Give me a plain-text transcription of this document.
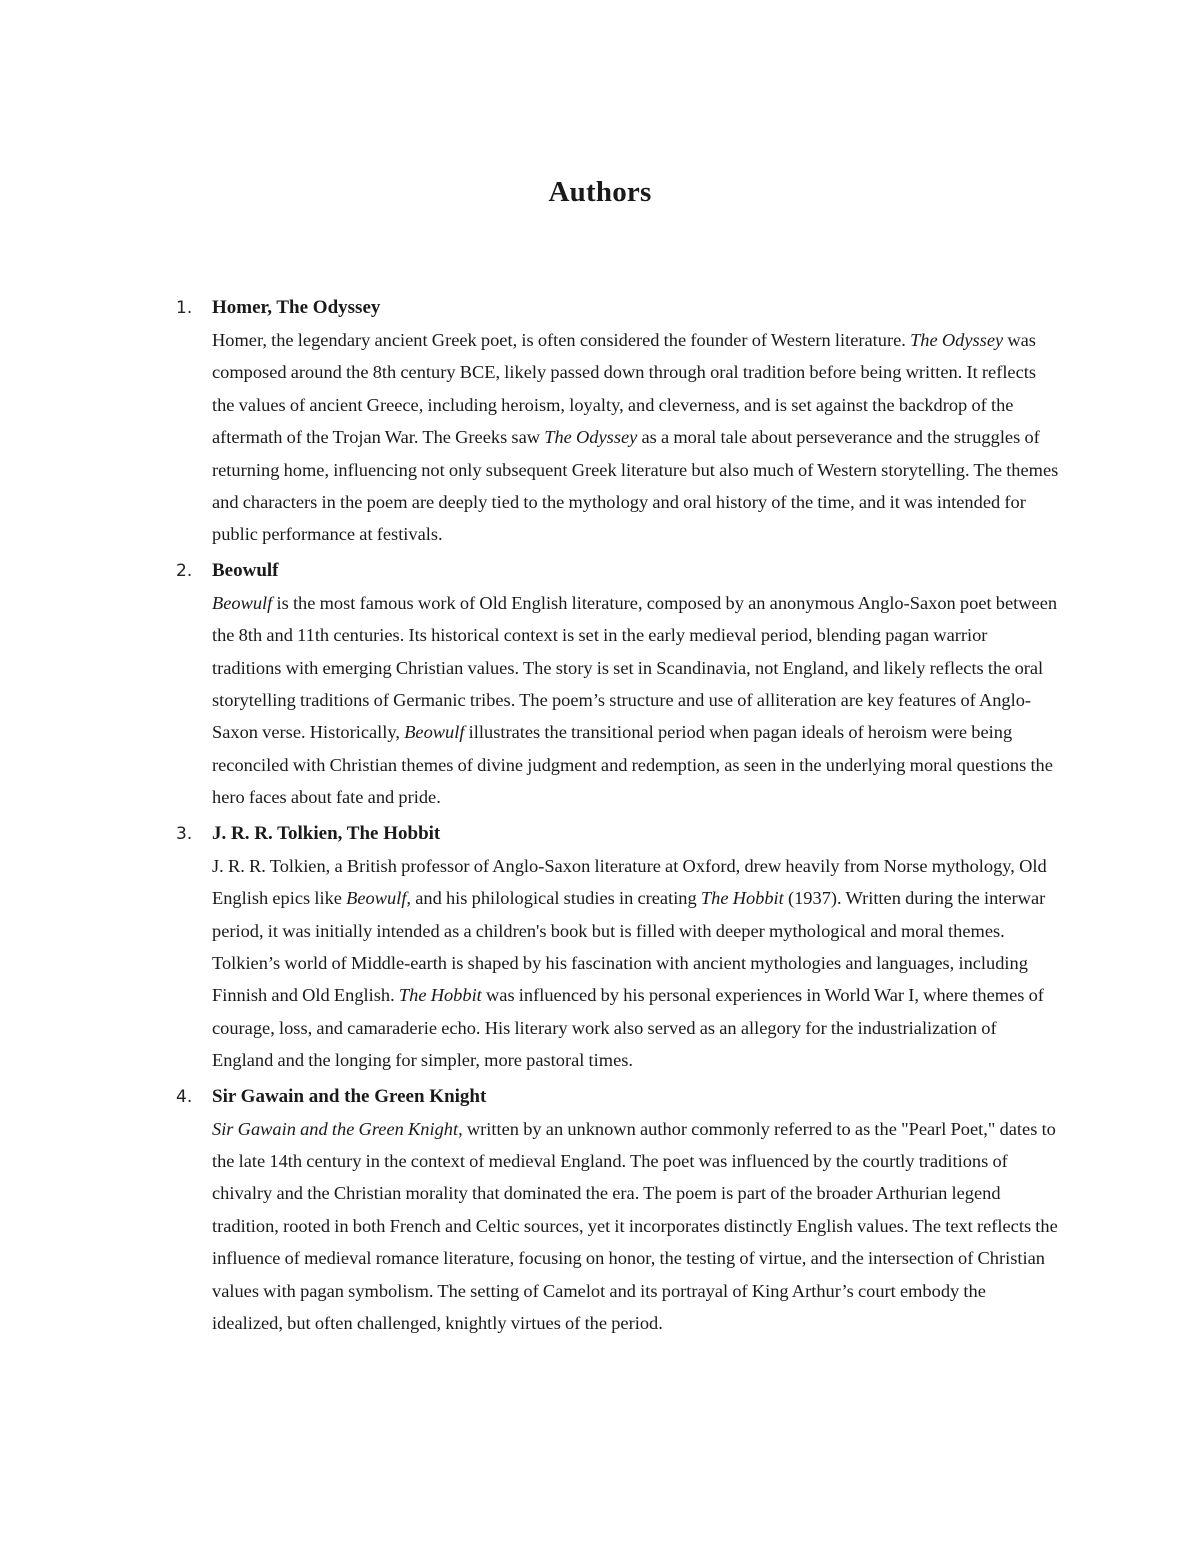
Authors
1. Homer, The Odyssey

Homer, the legendary ancient Greek poet, is often considered the founder of Western literature. The Odyssey was composed around the 8th century BCE, likely passed down through oral tradition before being written. It reflects the values of ancient Greece, including heroism, loyalty, and cleverness, and is set against the backdrop of the aftermath of the Trojan War. The Greeks saw The Odyssey as a moral tale about perseverance and the struggles of returning home, influencing not only subsequent Greek literature but also much of Western storytelling. The themes and characters in the poem are deeply tied to the mythology and oral history of the time, and it was intended for public performance at festivals.

2. Beowulf

Beowulf is the most famous work of Old English literature, composed by an anonymous Anglo-Saxon poet between the 8th and 11th centuries. Its historical context is set in the early medieval period, blending pagan warrior traditions with emerging Christian values. The story is set in Scandinavia, not England, and likely reflects the oral storytelling traditions of Germanic tribes. The poem’s structure and use of alliteration are key features of Anglo-Saxon verse. Historically, Beowulf illustrates the transitional period when pagan ideals of heroism were being reconciled with Christian themes of divine judgment and redemption, as seen in the underlying moral questions the hero faces about fate and pride.

3. J. R. R. Tolkien, The Hobbit

J. R. R. Tolkien, a British professor of Anglo-Saxon literature at Oxford, drew heavily from Norse mythology, Old English epics like Beowulf, and his philological studies in creating The Hobbit (1937). Written during the interwar period, it was initially intended as a children's book but is filled with deeper mythological and moral themes. Tolkien’s world of Middle-earth is shaped by his fascination with ancient mythologies and languages, including Finnish and Old English. The Hobbit was influenced by his personal experiences in World War I, where themes of courage, loss, and camaraderie echo. His literary work also served as an allegory for the industrialization of England and the longing for simpler, more pastoral times.

4. Sir Gawain and the Green Knight

Sir Gawain and the Green Knight, written by an unknown author commonly referred to as the "Pearl Poet," dates to the late 14th century in the context of medieval England. The poet was influenced by the courtly traditions of chivalry and the Christian morality that dominated the era. The poem is part of the broader Arthurian legend tradition, rooted in both French and Celtic sources, yet it incorporates distinctly English values. The text reflects the influence of medieval romance literature, focusing on honor, the testing of virtue, and the intersection of Christian values with pagan symbolism. The setting of Camelot and its portrayal of King Arthur’s court embody the idealized, but often challenged, knightly virtues of the period.
